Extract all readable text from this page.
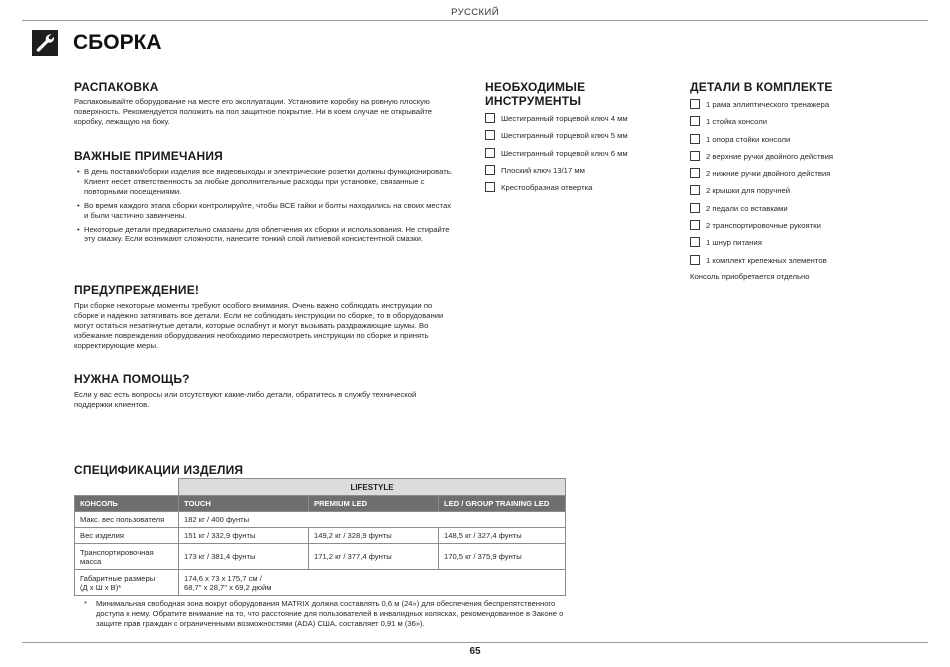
РУССКИЙ
СБОРКА
РАСПАКОВКА
Распаковывайте оборудование на месте его эксплуатации. Установите коробку на ровную плоскую поверхность. Рекомендуется положить на пол защитное покрытие. Ни в коем случае не открывайте коробку, лежащую на боку.
ВАЖНЫЕ ПРИМЕЧАНИЯ
• В день поставки/сборки изделия все видеовыходы и электрические розетки должны функционировать. Клиент несет ответственность за любые дополнительные расходы при установке, связанные с повторными посещениями.
• Во время каждого этапа сборки контролируйте, чтобы ВСЕ гайки и болты находились на своих местах и были частично завинчены.
• Некоторые детали предварительно смазаны для облегчения их сборки и использования. Не стирайте эту смазку. Если возникают сложности, нанесите тонкий слой литиевой консистентной смазки.
ПРЕДУПРЕЖДЕНИЕ!
При сборке некоторые моменты требуют особого внимания. Очень важно соблюдать инструкции по сборке и надежно затягивать все детали. Если не соблюдать инструкции по сборке, то в оборудовании могут остаться незатянутые детали, которые ослабнут и могут вызывать раздражающие шумы. Во избежание повреждения оборудования необходимо пересмотреть инструкции по сборке и принять корректирующие меры.
НУЖНА ПОМОЩЬ?
Если у вас есть вопросы или отсутствуют какие-либо детали, обратитесь в службу технической поддержки клиентов.
НЕОБХОДИМЫЕ
ИНСТРУМЕНТЫ
Шестигранный торцевой ключ 4 мм
Шестигранный торцевой ключ 5 мм
Шестигранный торцевой ключ 6 мм
Плоский ключ 13/17 мм
Крестообразная отвертка
ДЕТАЛИ В КОМПЛЕКТЕ
1 рама эллиптического тренажера
1 стойка консоли
1 опора стойки консоли
2 верхние ручки двойного действия
2 нижние ручки двойного действия
2 крышки для поручней
2 педали со вставками
2 транспортировочные рукоятки
1 шнур питания
1 комплект крепежных элементов
Консоль приобретается отдельно
СПЕЦИФИКАЦИИ ИЗДЕЛИЯ
	LIFESTYLE		
КОНСОЛЬ	TOUCH	PREMIUM LED	LED / GROUP TRAINING LED
Макс. вес пользователя	182 кг / 400 фунты		
Вес изделия	151 кг / 332,9 фунты	149,2 кг / 328,9 фунты	148,5 кг / 327,4 фунты
Транспортировочная
масса	173 кг / 381,4 фунты	171,2 кг / 377,4 фунты	170,5 кг / 375,9 фунты
Габаритные размеры
(Д х Ш х В)*	174,6 х 73 х 175,7 см /
68,7" х 28,7" х 69,2 дюйм		
* Минимальная свободная зона вокруг оборудования MATRIX должна составлять 0,6 м (24») для обеспечения беспрепятственного доступа к нему. Обратите внимание на то, что расстояние для пользователей в инвалидных колясках, рекомендованное в Законе о защите прав граждан с ограниченными возможностями (ADA) США, составляет 0,91 м (36»).
65
